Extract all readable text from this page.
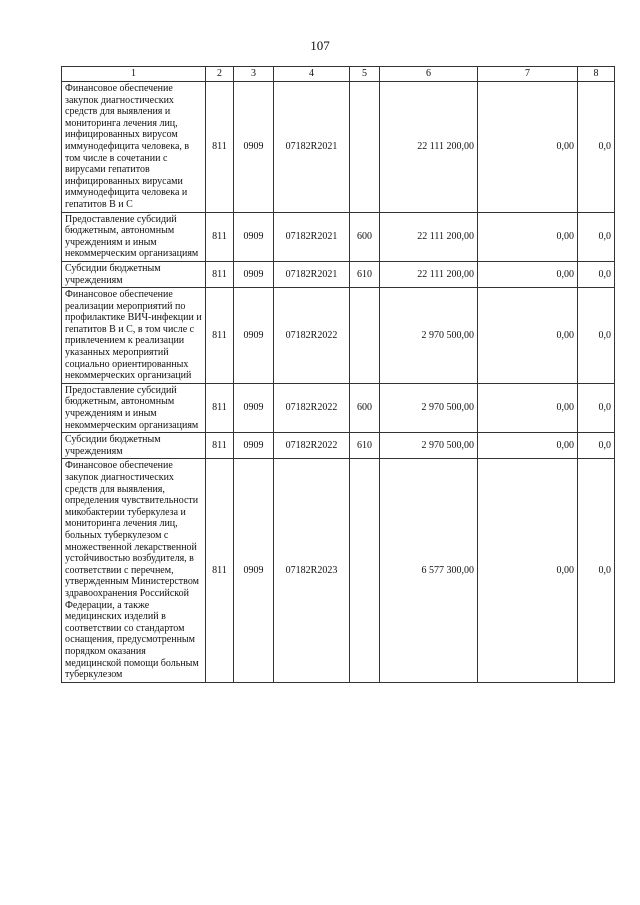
107
1	2	3	4	5	6	7	8
Финансовое обеспечение закупок диагностических средств для выявления и мониторинга лечения лиц, инфицированных вирусом иммунодефицита человека, в том числе в сочетании с вирусами гепатитов инфицированных вирусами иммунодефицита человека и гепатитов В и С	811	0909	07182R2021		22 111 200,00	0,00	0,0
Предоставление субсидий бюджетным, автономным учреждениям и иным некоммерческим организациям	811	0909	07182R2021	600	22 111 200,00	0,00	0,0
Субсидии бюджетным учреждениям	811	0909	07182R2021	610	22 111 200,00	0,00	0,0
Финансовое обеспечение реализации мероприятий по профилактике ВИЧ-инфекции и гепатитов В и С, в том числе с привлечением к реализации указанных мероприятий социально ориентированных некоммерческих организаций	811	0909	07182R2022		2 970 500,00	0,00	0,0
Предоставление субсидий бюджетным, автономным учреждениям и иным некоммерческим организациям	811	0909	07182R2022	600	2 970 500,00	0,00	0,0
Субсидии бюджетным учреждениям	811	0909	07182R2022	610	2 970 500,00	0,00	0,0
Финансовое обеспечение закупок диагностических средств для выявления, определения чувствительности микобактерии туберкулеза и мониторинга лечения лиц, больных туберкулезом с множественной лекарственной устойчивостью возбудителя, в соответствии с перечнем, утвержденным Министерством здравоохранения Российской Федерации, а также медицинских изделий в соответствии со стандартом оснащения, предусмотренным порядком оказания медицинской помощи больным туберкулезом	811	0909	07182R2023		6 577 300,00	0,00	0,0
